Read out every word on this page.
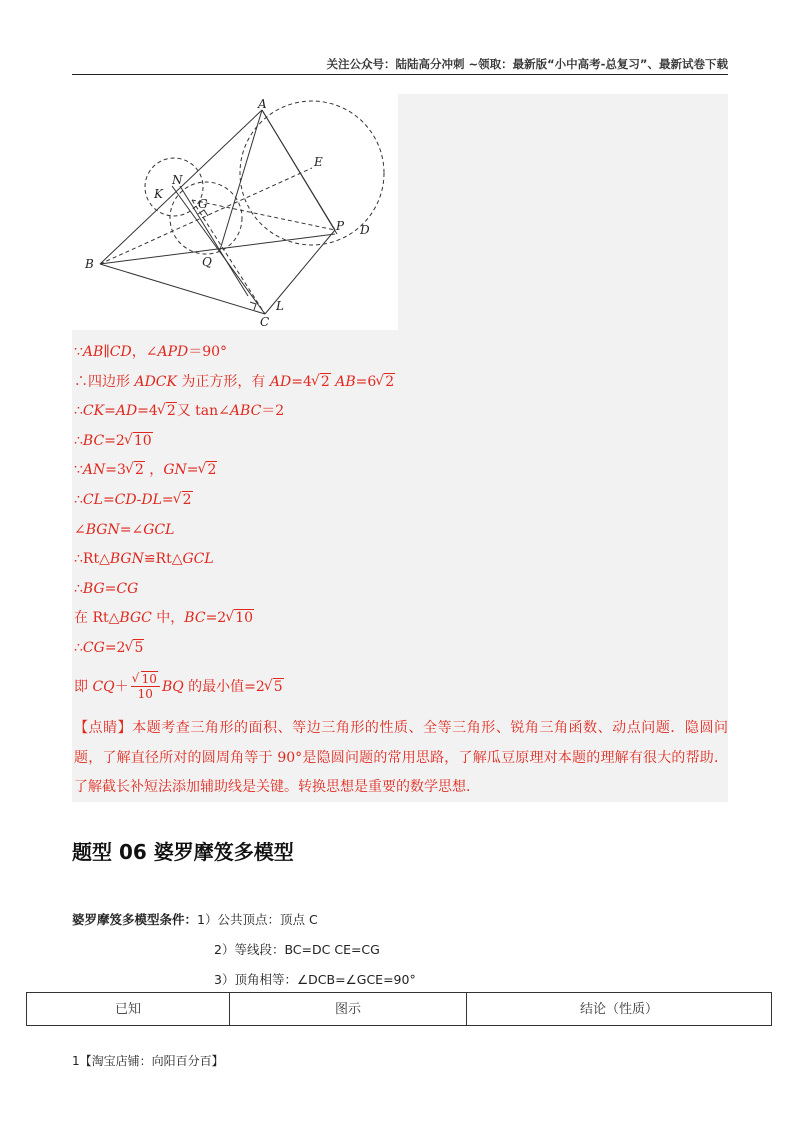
关注公众号：陆陆高分冲刺 ~领取：最新版“小中高考-总复习”、最新试卷下载
A
E
N
K
G
P D
B	Q
L
C
∵AB∥CD，∠APD＝90°
∴四边形 ADCK 为正方形，有 AD=4 √ 2 AB=6 √ 2
∴CK=AD=4 √ 2又 tan∠ABC＝2
∴BC=2 √ 10
∵AN=3 √ 2 ，GN= √ 2
∴CL=CD-DL= √ 2
∠BGN=∠GCL
∴Rt△BGN≌Rt△GCL
∴BG=CG
在 Rt△BGC 中，BC=2 √ 10
∴CG=2 √ 5
即 CQ＋ √ $\frac{10}{10}$ BQ 的最小值=2 √ 5
【点睛】本题考查三角形的面积、等边三角形的性质、全等三角形、锐角三角函数、动点问题．隐圆问题，了解直径所对的圆周角等于 90°是隐圆问题的常用思路，了解瓜豆原理对本题的理解有很大的帮助．了解截长补短法添加辅助线是关键。转换思想是重要的数学思想．
题型 06 婆罗摩笈多模型
婆罗摩笈多模型条件：1）公共顶点：顶点 C
2）等线段：BC=DC CE=CG
3）顶角相等：∠DCB=∠GCE=90°
已知	图示	结论（性质）
1【淘宝店铺：向阳百分百】
